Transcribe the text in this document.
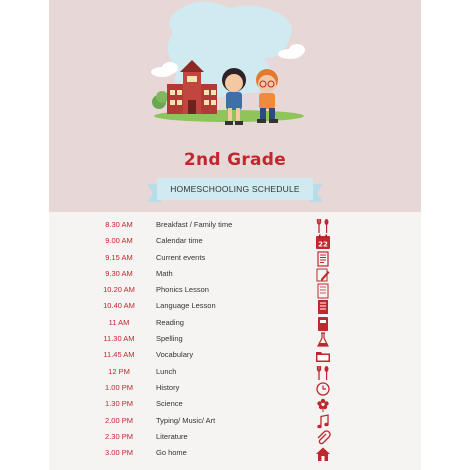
2nd Grade
HOMESCHOOLING SCHEDULE
8.30 AM	Breakfast / Family time
9.00 AM	Calendar time	22
9.15 AM	Current events
9.30 AM	Math
10.20 AM	Phonics Lesson
10.40 AM	Language Lesson
11 AM	Reading
11.30 AM	Spelling
11.45 AM	Vocabulary
12 PM	Lunch
1.00 PM	History
1.30 PM	Science
2.00 PM	Typing/ Music/ Art
2.30 PM	Literature
3.00 PM	Go home
